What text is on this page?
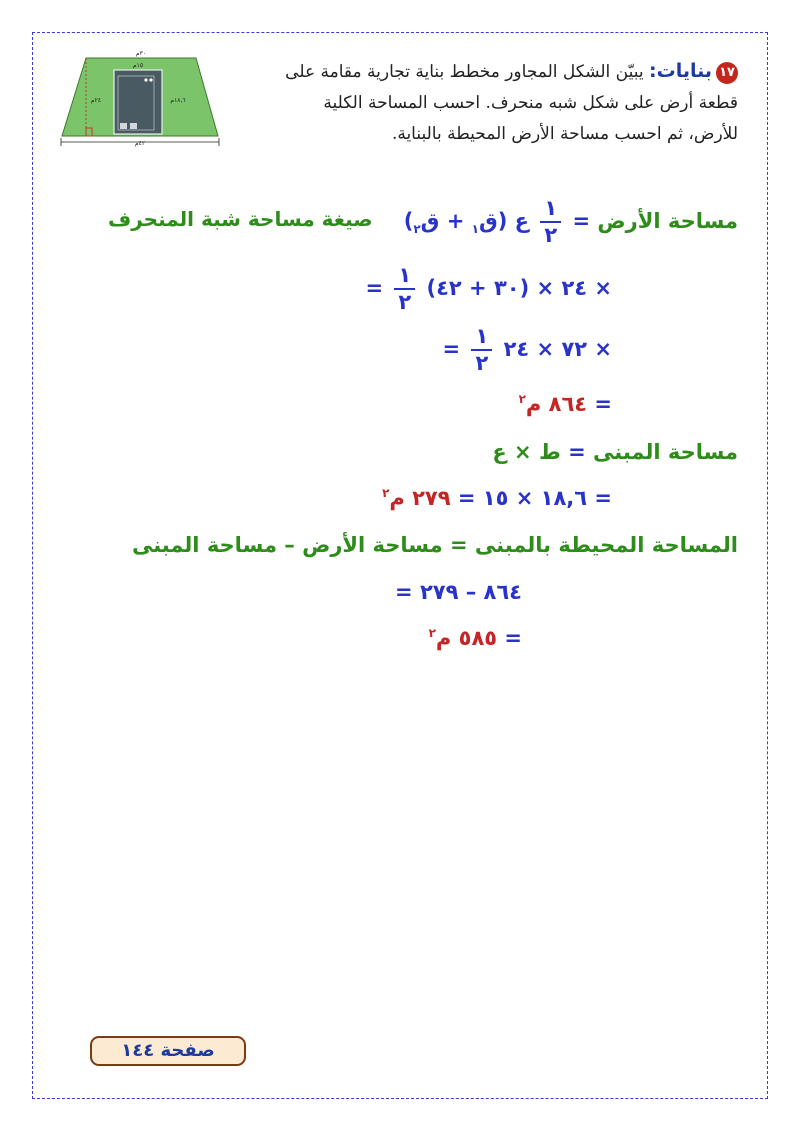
٣٠م
١٥م
٢٤م	١٨,٦م
٤٢م
١٧بنايات: يبيّن الشكل المجاور مخطط بناية تجارية مقامة على قطعة أرض على شكل شبه منحرف. احسب المساحة الكلية للأرض، ثم احسب مساحة الأرض المحيطة بالبناية.
مساحة الأرض =
$\frac{١}{٢}$
ع (ق$_١$ + ق$_٢$)
صيغة مساحة شبة المنحرف
= $\frac{١}{٢}$ (٣٠ + ٤٢) × ٢٤ ×
= $\frac{١}{٢}$ ٧٢ × ٢٤ ×
= ٨٦٤ م$^٢$
مساحة المبنى = ط × ع
= ١٨,٦ × ١٥ = ٢٧٩ م$^٢$
المساحة المحيطة بالمبنى = مساحة الأرض – مساحة المبنى
= ٨٦٤ – ٢٧٩
= ٥٨٥ م$^٢$
صفحة ١٤٤
